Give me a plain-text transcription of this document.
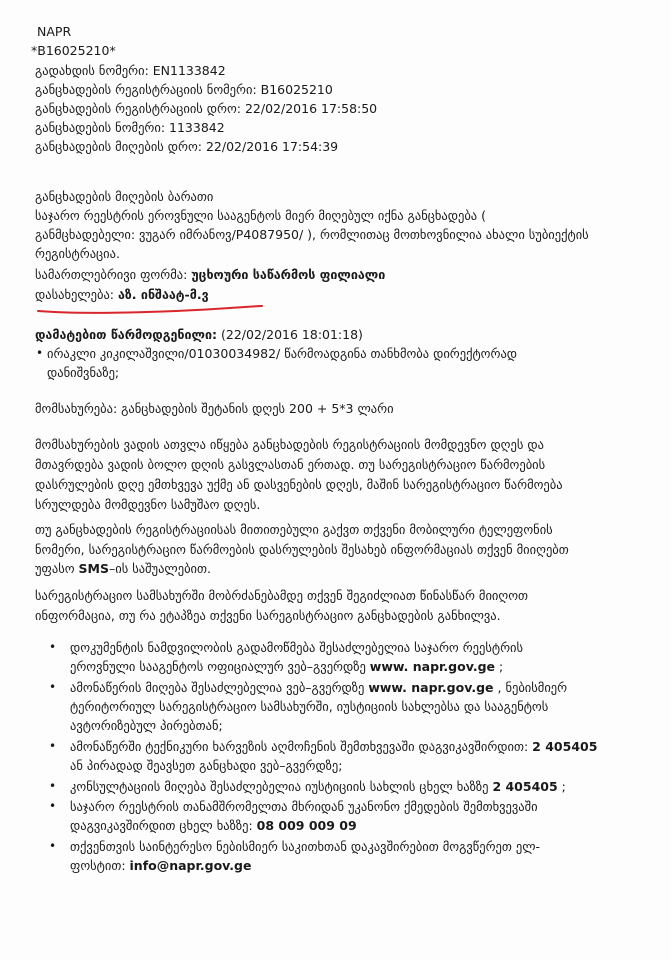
NAPR
*B16025210*
გადახდის ნომერი: EN1133842
განცხადების რეგისტრაციის ნომერი: B16025210
განცხადების რეგისტრაციის დრო: 22/02/2016 17:58:50
განცხადების ნომერი: 1133842
განცხადების მიღების დრო: 22/02/2016 17:54:39
განცხადების მიღების ბარათი
საჯარო რეესტრის ეროვნული სააგენტოს მიერ მიღებულ იქნა განცხადება (
განმცხადებელი: ვუგარ იმრანოვ/P4087950/ ), რომლითაც მოთხოვნილია ახალი სუბიექტის
რეგისტრაცია.
სამართლებრივი ფორმა: უცხოური საწარმოს ფილიალი
დასახელება: აზ. ინშაატ-მ.ვ
დამატებით წარმოდგენილი: (22/02/2016 18:01:18)
• ირაკლი კიკილაშვილი/01030034982/ წარმოადგინა თანხმობა დირექტორად
დანიშვნაზე;
მომსახურება: განცხადების შეტანის დღეს 200 + 5*3 ლარი
მომსახურების ვადის ათვლა იწყება განცხადების რეგისტრაციის მომდევნო დღეს და
მთავრდება ვადის ბოლო დღის გასვლასთან ერთად. თუ სარეგისტრაციო წარმოების
დასრულების დღე ემთხვევა უქმე ან დასვენების დღეს, მაშინ სარეგისტრაციო წარმოება
სრულდება მომდევნო სამუშაო დღეს.
თუ განცხადების რეგისტრაციისას მითითებული გაქვთ თქვენი მობილური ტელეფონის
ნომერი, სარეგისტრაციო წარმოების დასრულების შესახებ ინფორმაციას თქვენ მიიღებთ
უფასო SMS–ის საშუალებით.
სარეგისტრაციო სამსახურში მობრძანებამდე თქვენ შეგიძლიათ წინასწარ მიიღოთ
ინფორმაცია, თუ რა ეტაპზეა თქვენი სარეგისტრაციო განცხადების განხილვა.
• დოკუმენტის ნამდვილობის გადამოწმება შესაძლებელია საჯარო რეესტრის
ეროვნული სააგენტოს ოფიციალურ ვებ–გვერდზე www. napr.gov.ge ;
• ამონაწერის მიღება შესაძლებელია ვებ–გვერდზე www. napr.gov.ge , ნებისმიერ
ტერიტორიულ სარეგისტრაციო სამსახურში, იუსტიციის სახლებსა და სააგენტოს
ავტორიზებულ პირებთან;
• ამონაწერში ტექნიკური ხარვეზის აღმოჩენის შემთხვევაში დაგვიკავშირდით: 2 405405
ან პირადად შეავსეთ განცხადი ვებ–გვერდზე;
• კონსულტაციის მიღება შესაძლებელია იუსტიციის სახლის ცხელ ხაზზე 2 405405 ;
• საჯარო რეესტრის თანამშრომელთა მხრიდან უკანონო ქმედების შემთხვევაში
დაგვიკავშირდით ცხელ ხაზზე: 08 009 009 09
• თქვენთვის საინტერესო ნებისმიერ საკითხთან დაკავშირებით მოგვწერეთ ელ-
ფოსტით: info@napr.gov.ge
